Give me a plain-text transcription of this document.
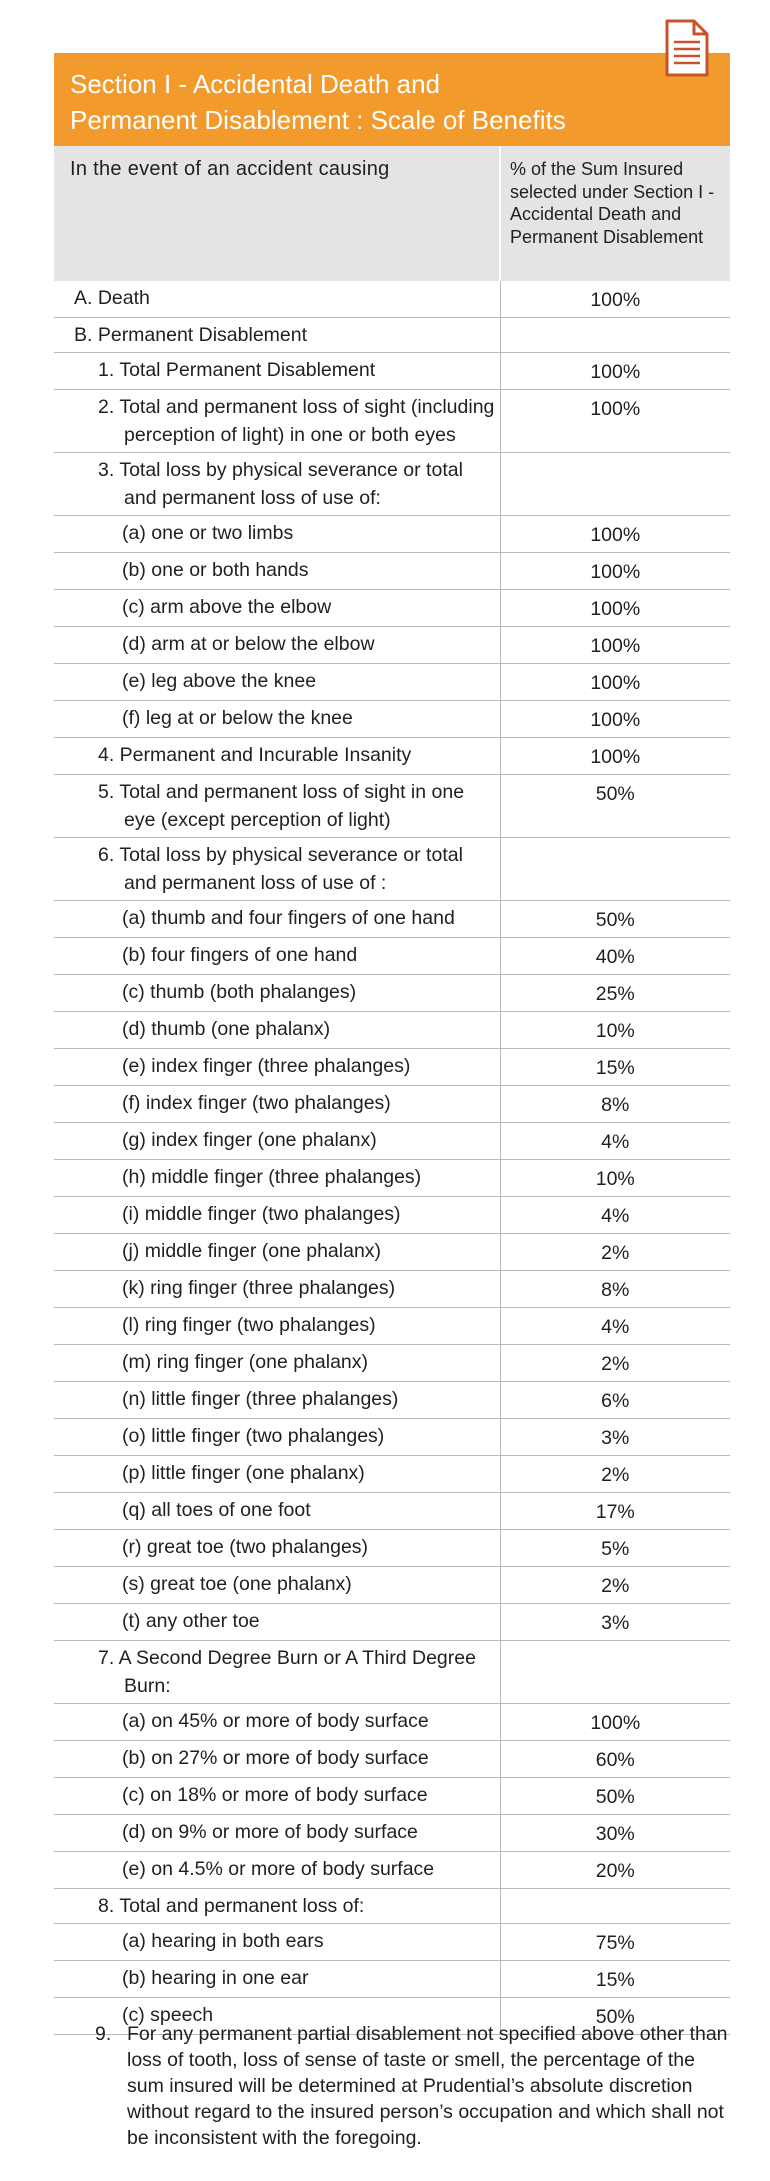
Section I - Accidental Death and
Permanent Disablement : Scale of Benefits
In the event of an accident causing	% of the Sum Insured selected under Section I - Accidental Death and Permanent Disablement

A. Death	100%

B. Permanent Disablement	

1. Total Permanent Disablement	100%

2. Total and permanent loss of sight (including perception of light) in one or both eyes	100%

3. Total loss by physical severance or total and permanent loss of use of:	

(a) one or two limbs	100%

(b) one or both hands	100%

(c) arm above the elbow	100%

(d) arm at or below the elbow	100%

(e) leg above the knee	100%

(f) leg at or below the knee	100%

4. Permanent and Incurable Insanity	100%

5. Total and permanent loss of sight in one eye (except perception of light)	50%

6. Total loss by physical severance or total and permanent loss of use of :	

(a) thumb and four fingers of one hand	50%

(b) four fingers of one hand	40%

(c) thumb (both phalanges)	25%

(d) thumb (one phalanx)	10%

(e) index finger (three phalanges)	15%

(f) index finger (two phalanges)	8%

(g) index finger (one phalanx)	4%

(h) middle finger (three phalanges)	10%

(i) middle finger (two phalanges)	4%

(j) middle finger (one phalanx)	2%

(k) ring finger (three phalanges)	8%

(l) ring finger (two phalanges)	4%

(m) ring finger (one phalanx)	2%

(n) little finger (three phalanges)	6%

(o) little finger (two phalanges)	3%

(p) little finger (one phalanx)	2%

(q) all toes of one foot	17%

(r) great toe (two phalanges)	5%

(s) great toe (one phalanx)	2%

(t) any other toe	3%

7. A Second Degree Burn or A Third Degree Burn:	

(a) on 45% or more of body surface	100%

(b) on 27% or more of body surface	60%

(c) on 18% or more of body surface	50%

(d) on 9% or more of body surface	30%

(e) on 4.5% or more of body surface	20%

8. Total and permanent loss of:	

(a) hearing in both ears	75%

(b) hearing in one ear	15%

(c) speech	50%
9. For any permanent partial disablement not specified above other than loss of tooth, loss of sense of taste or smell, the percentage of the sum insured will be determined at Prudential’s absolute discretion without regard to the insured person’s occupation and which shall not be inconsistent with the foregoing.
